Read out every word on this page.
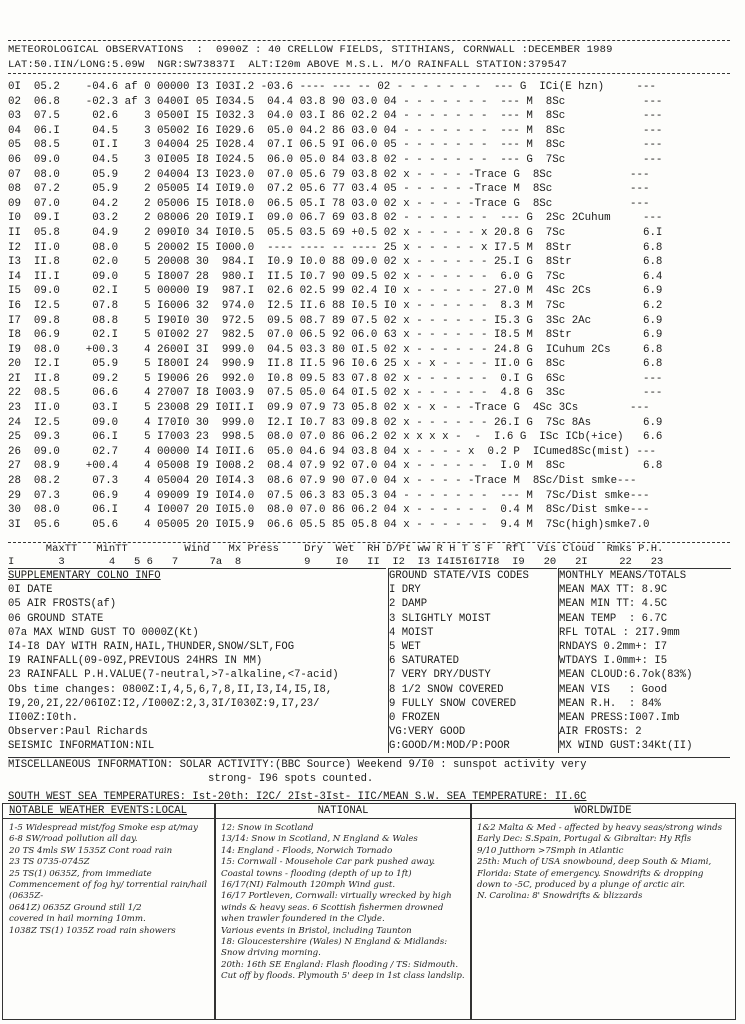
METEOROLOGICAL OBSERVATIONS  :  0900Z : 40 CRELLOW FIELDS, STITHIANS, CORNWALL :DECEMBER 1989
LAT:50.IIN/LONG:5.09W  NGR:SW73837I  ALT:I20m ABOVE M.S.L. M/O RAINFALL STATION:379547
0I  05.2    -04.6 af 0 00000 I3 I03I.2 -03.6 ---- --- -- 02 - - - - - - -  --- G  ICi(E hzn)     ---
02  06.8    -02.3 af 3 0400I 05 I034.5  04.4 03.8 90 03.0 04 - - - - - - -  --- M  8Sc            ---
03  07.5     02.6    3 0500I I5 I032.3  04.0 03.I 86 02.2 04 - - - - - - -  --- M  8Sc            ---
04  06.I     04.5    3 05002 I6 I029.6  05.0 04.2 86 03.0 04 - - - - - - -  --- M  8Sc            ---
05  08.5     0I.I    3 04004 25 I028.4  07.I 06.5 9I 06.0 05 - - - - - - -  --- M  8Sc            ---
06  09.0     04.5    3 0I005 I8 I024.5  06.0 05.0 84 03.8 02 - - - - - - -  --- G  7Sc            ---
07  08.0     05.9    2 04004 I3 I023.0  07.0 05.6 79 03.8 02 x - - - - -Trace G  8Sc            ---
08  07.2     05.9    2 05005 I4 I0I9.0  07.2 05.6 77 03.4 05 - - - - - -Trace M  8Sc            ---
09  07.0     04.2    2 05006 I5 I0I8.0  06.5 05.I 78 03.0 02 x - - - - -Trace G  8Sc            ---
I0  09.I     03.2    2 08006 20 I0I9.I  09.0 06.7 69 03.8 02 - - - - - - -  --- G  2Sc 2Cuhum     ---
II  05.8     04.9    2 090I0 34 I0I0.5  05.5 03.5 69 +0.5 02 x - - - - - x 20.8 G  7Sc            6.I
I2  II.0     08.0    5 20002 I5 I000.0  ---- ---- -- ---- 25 x - - - - - x I7.5 M  8Str           6.8
I3  II.8     02.0    5 20008 30  984.I  I0.9 I0.0 88 09.0 02 x - - - - - - 25.I G  8Str           6.8
I4  II.I     09.0    5 I8007 28  980.I  II.5 I0.7 90 09.5 02 x - - - - - -  6.0 G  7Sc            6.4
I5  09.0     02.I    5 00000 I9  987.I  02.6 02.5 99 02.4 I0 x - - - - - - 27.0 M  4Sc 2Cs        6.9
I6  I2.5     07.8    5 I6006 32  974.0  I2.5 II.6 88 I0.5 I0 x - - - - - -  8.3 M  7Sc            6.2
I7  09.8     08.8    5 I90I0 30  972.5  09.5 08.7 89 07.5 02 x - - - - - - I5.3 G  3Sc 2Ac        6.9
I8  06.9     02.I    5 0I002 27  982.5  07.0 06.5 92 06.0 63 x - - - - - - I8.5 M  8Str           6.9
I9  08.0    +00.3    4 2600I 3I  999.0  04.5 03.3 80 0I.5 02 x - - - - - - 24.8 G  ICuhum 2Cs     6.8
20  I2.I     05.9    5 I800I 24  990.9  II.8 II.5 96 I0.6 25 x - x - - - - II.0 G  8Sc            6.8
2I  II.8     09.2    5 I9006 26  992.0  I0.8 09.5 83 07.8 02 x - - - - - -  0.I G  6Sc            ---
22  08.5     06.6    4 27007 I8 I003.9  07.5 05.0 64 0I.5 02 x - - - - - -  4.8 G  3Sc            ---
23  II.0     03.I    5 23008 29 I0II.I  09.9 07.9 73 05.8 02 x - x - - -Trace G  4Sc 3Cs        ---
24  I2.5     09.0    4 I70I0 30  999.0  I2.I I0.7 83 09.8 02 x - - - - - - 26.I G  7Sc 8As        6.9
25  09.3     06.I    5 I7003 23  998.5  08.0 07.0 86 06.2 02 x x x x -  -  I.6 G  ISc ICb(+ice)   6.6
26  09.0     02.7    4 00000 I4 I0II.6  05.0 04.6 94 03.8 04 x - - - - x  0.2 P  ICumed8Sc(mist) ---
27  08.9    +00.4    4 05008 I9 I008.2  08.4 07.9 92 07.0 04 x - - - - - -  I.0 M  8Sc            6.8
28  08.2     07.3    4 05004 20 I0I4.3  08.6 07.9 90 07.0 04 x - - - - -Trace M  8Sc/Dist smke---
29  07.3     06.9    4 09009 I9 I0I4.0  07.5 06.3 83 05.3 04 - - - - - - -  --- M  7Sc/Dist smke---
30  08.0     06.I    4 I0007 20 I0I5.0  08.0 07.0 86 06.2 04 x - - - - - -  0.4 M  8Sc/Dist smke---
3I  05.6     05.6    4 05005 20 I0I5.9  06.6 05.5 85 05.8 04 x - - - - - -  9.4 M  7Sc(high)smke7.0
MaxTT   MinTT         Wind   Mx Press    Dry  Wet  RH D/Pt ww R H T S F  Rfl  Vis Cloud  Rmks P.H.
I       3       4   5 6   7     7a  8          9    I0   II  I2  I3 I4I5I6I7I8  I9   20   2I     22   23
SUPPLEMENTARY COLNO INFO
0I DATE
05 AIR FROSTS(af)
06 GROUND STATE
07a MAX WIND GUST TO 0000Z(Kt)
I4-I8 DAY WITH RAIN,HAIL,THUNDER,SNOW/SLT,FOG
I9 RAINFALL(09-09Z,PREVIOUS 24HRS IN MM)
23 RAINFALL P.H.VALUE(7-neutral,>7-alkaline,<7-acid)
Obs time changes: 0800Z:I,4,5,6,7,8,II,I3,I4,I5,I8,
I9,20,2I,22/06I0Z:I2,/I000Z:2,3,3I/I030Z:9,I7,23/
II00Z:I0th.
Observer:Paul Richards
SEISMIC INFORMATION:NIL
GROUND STATE/VIS CODES
I DRY
2 DAMP
3 SLIGHTLY MOIST
4 MOIST
5 WET
6 SATURATED
7 VERY DRY/DUSTY
8 1/2 SNOW COVERED
9 FULLY SNOW COVERED
0 FROZEN
VG:VERY GOOD
G:GOOD/M:MOD/P:POOR
MONTHLY MEANS/TOTALS
MEAN MAX TT: 8.9C
MEAN MIN TT: 4.5C
MEAN TEMP  : 6.7C
RFL TOTAL : 2I7.9mm
RNDAYS 0.2mm+: I7
WTDAYS I.0mm+: I5
MEAN CLOUD:6.7ok(83%)
MEAN VIS   : Good
MEAN R.H.  : 84%
MEAN PRESS:I007.Imb
AIR FROSTS: 2
MX WIND GUST:34Kt(II)
MISCELLANEOUS INFORMATION: SOLAR ACTIVITY:(BBC Source) Weekend 9/I0 : sunspot activity very
strong- I96 spots counted.
SOUTH WEST SEA TEMPERATURES: Ist-20th: I2C/ 2Ist-3Ist- IIC/MEAN S.W. SEA TEMPERATURE: II.6C
NOTABLE WEATHER EVENTS:LOCAL
1-5 Widespread mist/fog Smoke esp at/may
6-8 SW/road pollution all day.
20 TS 4mls SW 1535Z Cont road rain
23 TS 0735-0745Z
25 TS(1) 0635Z, from immediate Commencement of fog hy/ torrential rain/hail (0635Z-
0641Z) 0635Z Ground still 1/2
covered in hail morning 10mm.
1038Z TS(1) 1035Z road rain showers
NATIONAL
12: Snow in Scotland
13/14: Snow in Scotland, N England & Wales
14: England - Floods, Norwich Tornado
15: Cornwall - Mousehole Car park pushed away. Coastal towns - flooding (depth of up to 1ft)
16/17(NI) Falmouth 120mph Wind gust.
16/17 Portleven, Cornwall: virtually wrecked by high winds & heavy seas. 6 Scottish fishermen drowned when trawler foundered in the Clyde.
Various events in Bristol, including Taunton
18: Gloucestershire (Wales) N England & Midlands: Snow driving morning.
20th: 16th SE England: Flash flooding / TS: Sidmouth. Cut off by floods. Plymouth 5' deep in 1st class landslip.
WORLDWIDE
1&2 Malta & Med - affected by heavy seas/strong winds
Early Dec: S.Spain, Portugal & Gibraltar: Hy Rfls
9/10 Jutthorn >7Smph in Atlantic
25th: Much of USA snowbound, deep South & Miami, Florida: State of emergency. Snowdrifts & dropping down to -5C, produced by a plunge of arctic air.
N. Carolina: 8' Snowdrifts & blizzards
